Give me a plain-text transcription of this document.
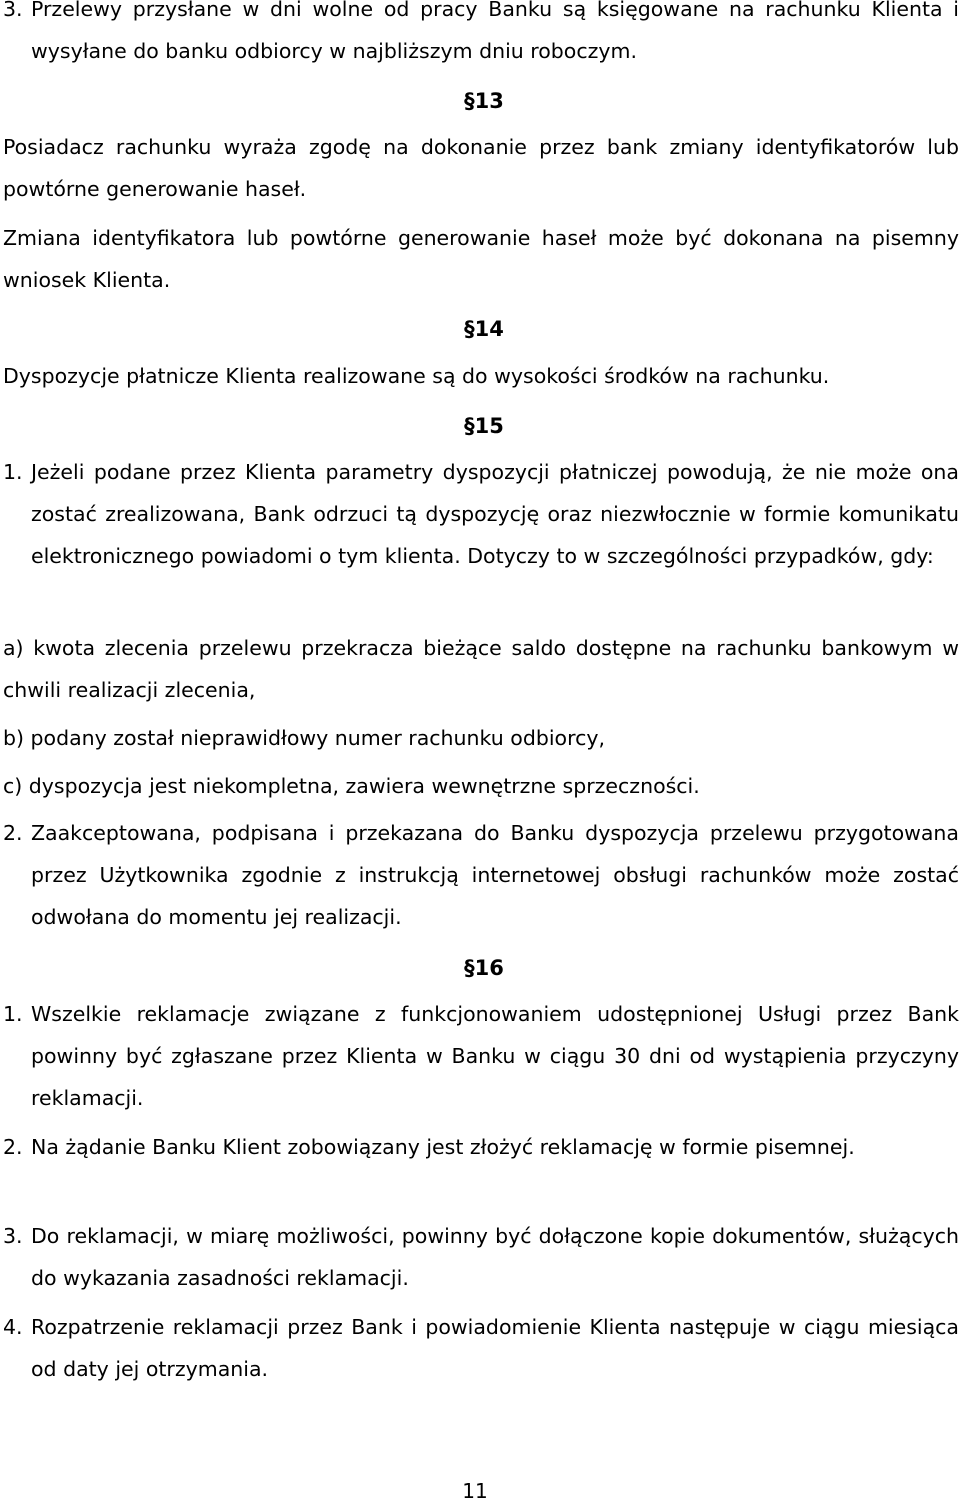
3. Przelewy przysłane w dni wolne od pracy Banku są księgowane na rachunku Klienta i wysyłane do banku odbiorcy w najbliższym dniu roboczym.
§13

Posiadacz rachunku wyraża zgodę na dokonanie przez bank zmiany identyfikatorów lub powtórne generowanie haseł.

Zmiana identyfikatora lub powtórne generowanie haseł może być dokonana na pisemny wniosek Klienta.

§14

Dyspozycje płatnicze Klienta realizowane są do wysokości środków na rachunku.

§15
1. Jeżeli podane przez Klienta parametry dyspozycji płatniczej powodują, że nie może ona zostać zrealizowana, Bank odrzuci tą dyspozycję oraz niezwłocznie w formie komunikatu elektronicznego powiadomi o tym klienta. Dotyczy to w szczególności przypadków, gdy:
a) kwota zlecenia przelewu przekracza bieżące saldo dostępne na rachunku bankowym w chwili realizacji zlecenia,

b) podany został nieprawidłowy numer rachunku odbiorcy,

c) dyspozycja jest niekompletna, zawiera wewnętrzne sprzeczności.

2. Zaakceptowana, podpisana i przekazana do Banku dyspozycja przelewu przygotowana przez Użytkownika zgodnie z instrukcją internetowej obsługi rachunków może zostać odwołana do momentu jej realizacji.
§16
1. Wszelkie reklamacje związane z funkcjonowaniem udostępnionej Usługi przez Bank powinny być zgłaszane przez Klienta w Banku w ciągu 30 dni od wystąpienia przyczyny reklamacji.
2. Na żądanie Banku Klient zobowiązany jest złożyć reklamację w formie pisemnej.
3. Do reklamacji, w miarę możliwości, powinny być dołączone kopie dokumentów, służących do wykazania zasadności reklamacji.
4. Rozpatrzenie reklamacji przez Bank i powiadomienie Klienta następuje w ciągu miesiąca od daty jej otrzymania.
11
